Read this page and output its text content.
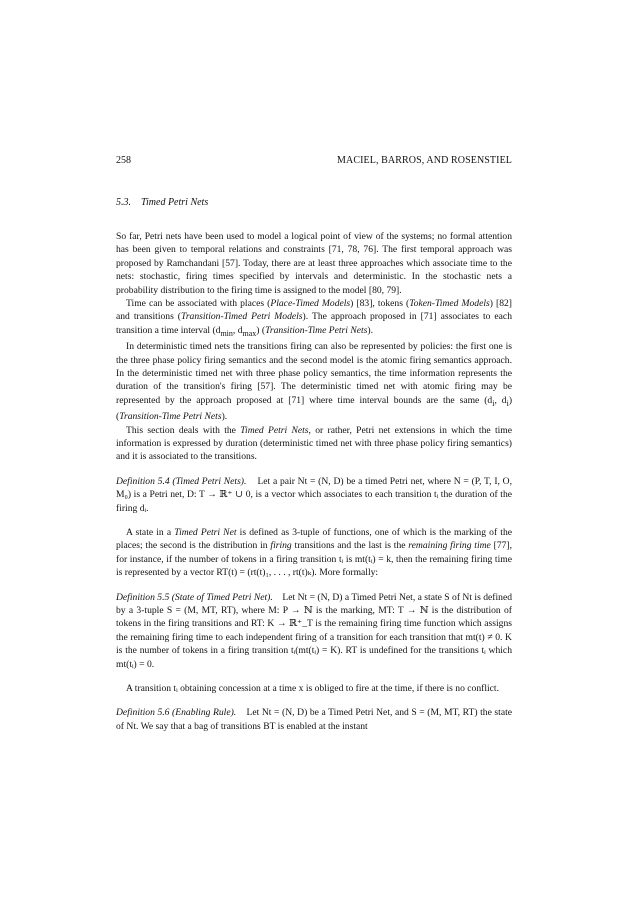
258	MACIEL, BARROS, AND ROSENSTIEL
5.3. Timed Petri Nets

So far, Petri nets have been used to model a logical point of view of the systems; no formal attention has been given to temporal relations and constraints [71, 78, 76]. The first temporal approach was proposed by Ramchandani [57]. Today, there are at least three approaches which associate time to the nets: stochastic, firing times specified by intervals and deterministic. In the stochastic nets a probability distribution to the firing time is assigned to the model [80, 79].

Time can be associated with places (Place-Timed Models) [83], tokens (Token-Timed Models) [82] and transitions (Transition-Timed Petri Models). The approach proposed in [71] associates to each transition a time interval ($d_{min}$, $d_{max}$) (Transition-Time Petri Nets).

In deterministic timed nets the transitions firing can also be represented by policies: the first one is the three phase policy firing semantics and the second model is the atomic firing semantics approach. In the deterministic timed net with three phase policy semantics, the time information represents the duration of the transition's firing [57]. The deterministic timed net with atomic firing may be represented by the approach proposed at [71] where time interval bounds are the same ($d_i$, $d_i$) (Transition-Time Petri Nets).

This section deals with the Timed Petri Nets, or rather, Petri net extensions in which the time information is expressed by duration (deterministic timed net with three phase policy firing semantics) and it is associated to the transitions.

Definition 5.4 (Timed Petri Nets). Let a pair Nt = (N, D) be a timed Petri net, where N = (P, T, I, O, M₀) is a Petri net, D: T → ℝ⁺ ∪ 0, is a vector which associates to each transition tᵢ the duration of the firing dᵢ.

A state in a Timed Petri Net is defined as 3-tuple of functions, one of which is the marking of the places; the second is the distribution in firing transitions and the last is the remaining firing time [77], for instance, if the number of tokens in a firing transition tᵢ is mt(tᵢ) = k, then the remaining firing time is represented by a vector RT(t) = (rt(t)₁, . . . , rt(t)ₖ). More formally:

Definition 5.5 (State of Timed Petri Net). Let Nt = (N, D) a Timed Petri Net, a state S of Nt is defined by a 3-tuple S = (M, MT, RT), where M: P → ℕ is the marking, MT: T → ℕ is the distribution of tokens in the firing transitions and RT: K → ℝ⁺_T is the remaining firing time function which assigns the remaining firing time to each independent firing of a transition for each transition that mt(t) ≠ 0. K is the number of tokens in a firing transition tᵢ(mt(tᵢ) = K). RT is undefined for the transitions tᵢ which mt(tᵢ) = 0.

A transition tᵢ obtaining concession at a time x is obliged to fire at the time, if there is no conflict.

Definition 5.6 (Enabling Rule). Let Nt = (N, D) be a Timed Petri Net, and S = (M, MT, RT) the state of Nt. We say that a bag of transitions BT is enabled at the instant
